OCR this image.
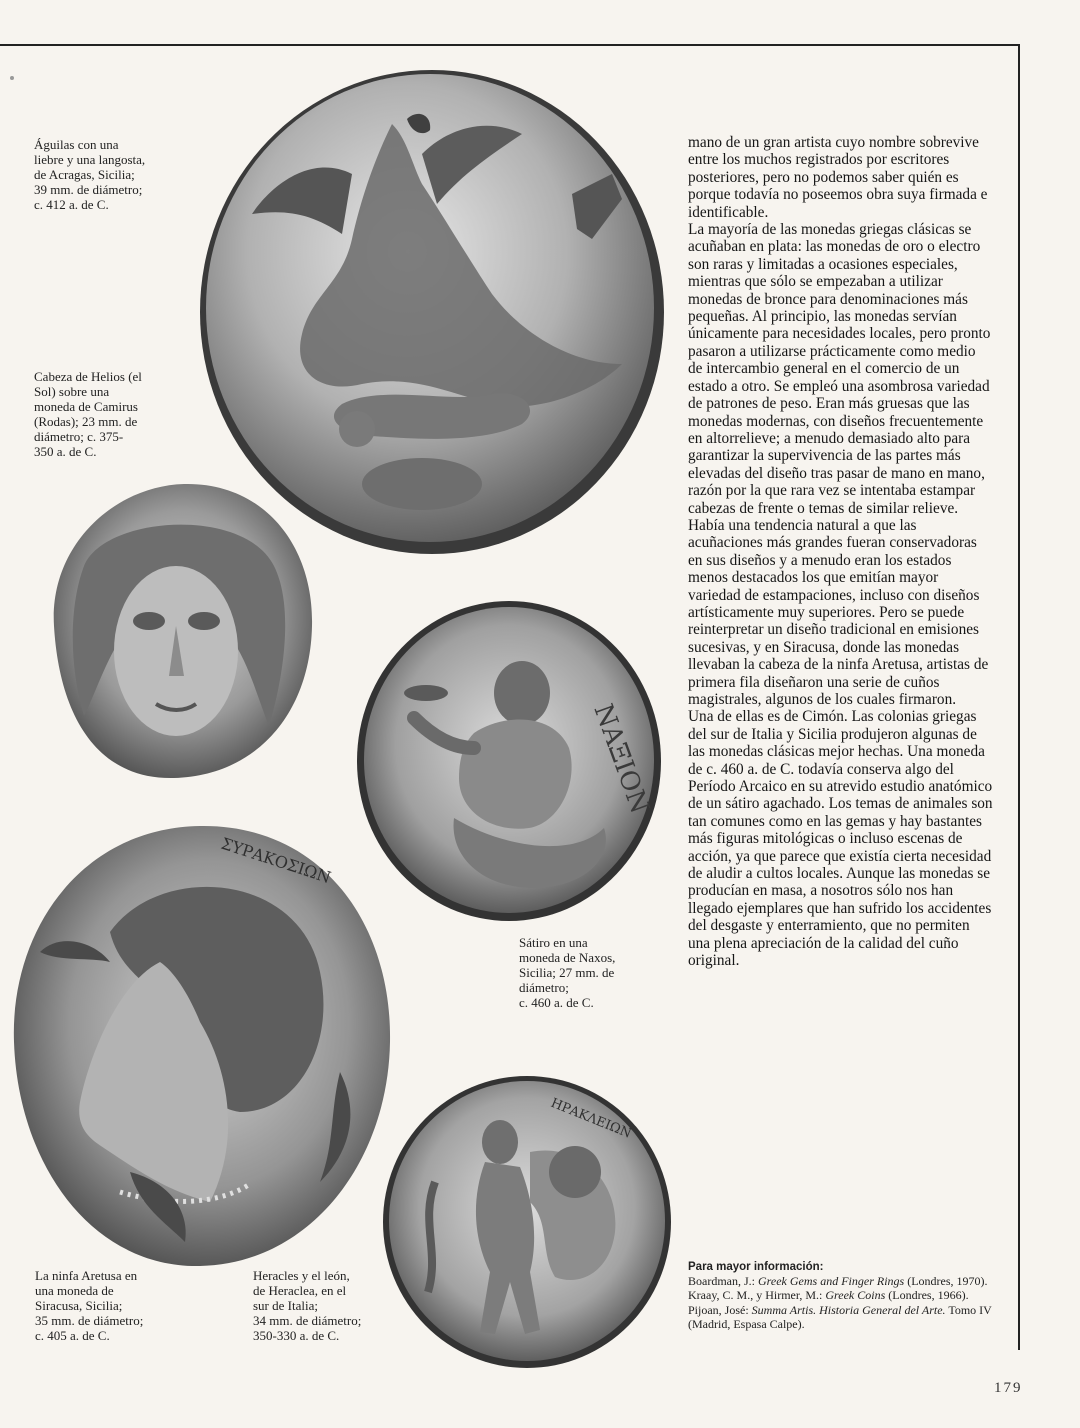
ΝΑΞΙΟΝ
ΣΥΡΑΚΟΣΙΩΝ
ΗΡΑΚΛΕΙΩΝ
Águilas con una
liebre y una langosta,
de Acragas, Sicilia;
39 mm. de diámetro;
c. 412 a. de C.
Cabeza de Helios (el
Sol) sobre una
moneda de Camirus
(Rodas); 23 mm. de
diámetro; c. 375-
350 a. de C.
Sátiro en una
moneda de Naxos,
Sicilia; 27 mm. de
diámetro;
c. 460 a. de C.
La ninfa Aretusa en
una moneda de
Siracusa, Sicilia;
35 mm. de diámetro;
c. 405 a. de C.
Heracles y el león,
de Heraclea, en el
sur de Italia;
34 mm. de diámetro;
350-330 a. de C.

mano de un gran artista cuyo nombre sobrevive entre los muchos registrados por escritores posteriores, pero no podemos saber quién es porque todavía no poseemos obra suya firmada e identificable.

La mayoría de las monedas griegas clásicas se acuñaban en plata: las monedas de oro o electro son raras y limitadas a ocasiones especiales, mientras que sólo se empezaban a utilizar monedas de bronce para denominaciones más pequeñas. Al principio, las monedas servían únicamente para necesidades locales, pero pronto pasaron a utilizarse prácticamente como medio de intercambio general en el comercio de un estado a otro. Se empleó una asombrosa variedad de patrones de peso. Eran más gruesas que las monedas modernas, con diseños frecuentemente en altorrelieve; a menudo demasiado alto para garantizar la supervivencia de las partes más elevadas del diseño tras pasar de mano en mano, razón por la que rara vez se intentaba estampar cabezas de frente o temas de similar relieve. Había una tendencia natural a que las acuñaciones más grandes fueran conservadoras en sus diseños y a menudo eran los estados menos destacados los que emitían mayor variedad de estampaciones, incluso con diseños artísticamente muy superiores. Pero se puede reinterpretar un diseño tradicional en emisiones sucesivas, y en Siracusa, donde las monedas llevaban la cabeza de la ninfa Aretusa, artistas de primera fila diseñaron una serie de cuños magistrales, algunos de los cuales firmaron.

Una de ellas es de Cimón. Las colonias griegas del sur de Italia y Sicilia produjeron algunas de las monedas clásicas mejor hechas. Una moneda de c. 460 a. de C. todavía conserva algo del Período Arcaico en su atrevido estudio anatómico de un sátiro agachado. Los temas de animales son tan comunes como en las gemas y hay bastantes más figuras mitológicas o incluso escenas de acción, ya que parece que existía cierta necesidad de aludir a cultos locales. Aunque las monedas se producían en masa, a nosotros sólo nos han llegado ejemplares que han sufrido los accidentes del desgaste y enterramiento, que no permiten una plena apreciación de la calidad del cuño original.

Para mayor información:
Boardman, J.: Greek Gems and Finger Rings (Londres, 1970). Kraay, C. M., y Hirmer, M.: Greek Coins (Londres, 1966). Pijoan, José: Summa Artis. Historia General del Arte. Tomo IV (Madrid, Espasa Calpe).
179
